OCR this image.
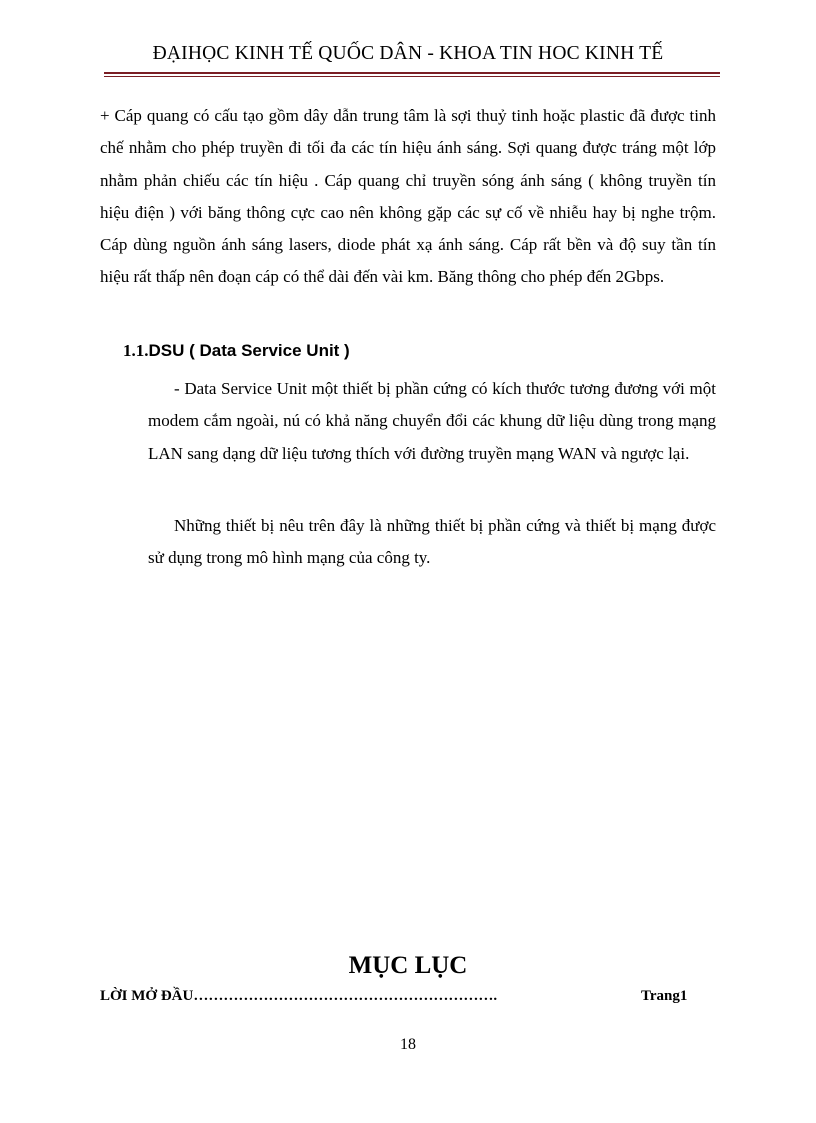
ĐẠIHỌC KINH TẾ QUỐC DÂN - KHOA TIN HOC KINH TẾ
+ Cáp quang có cấu tạo gồm dây dẫn trung tâm là sợi thuỷ tinh hoặc plastic đã được tinh chế nhằm cho phép truyền đi tối đa các tín hiệu ánh sáng. Sợi quang được tráng một lớp nhằm phản chiếu các tín hiệu . Cáp quang chỉ truyền sóng ánh sáng ( không truyền tín hiệu điện ) với băng thông cực cao nên không gặp các sự cố về nhiễu hay bị nghe trộm. Cáp dùng nguồn ánh sáng lasers, diode phát xạ ánh sáng. Cáp rất bền và độ suy tần tín hiệu rất thấp nên đoạn cáp có thể dài đến vài km. Băng thông cho phép đến 2Gbps.
1.1.DSU ( Data Service Unit )
- Data Service Unit một thiết bị phần cứng có kích thước tương đương với một modem cắm ngoài, nú có khả năng chuyển đổi các khung dữ liệu dùng trong mạng LAN sang dạng dữ liệu tương thích với đường truyền mạng WAN và ngược lại.
Những thiết bị nêu trên đây là những thiết bị phần cứng và thiết bị mạng được sử dụng trong mô hình mạng của công ty.
MỤC LỤC
LỜI MỞ ĐẦU…………………………………………………….	Trang1
18
